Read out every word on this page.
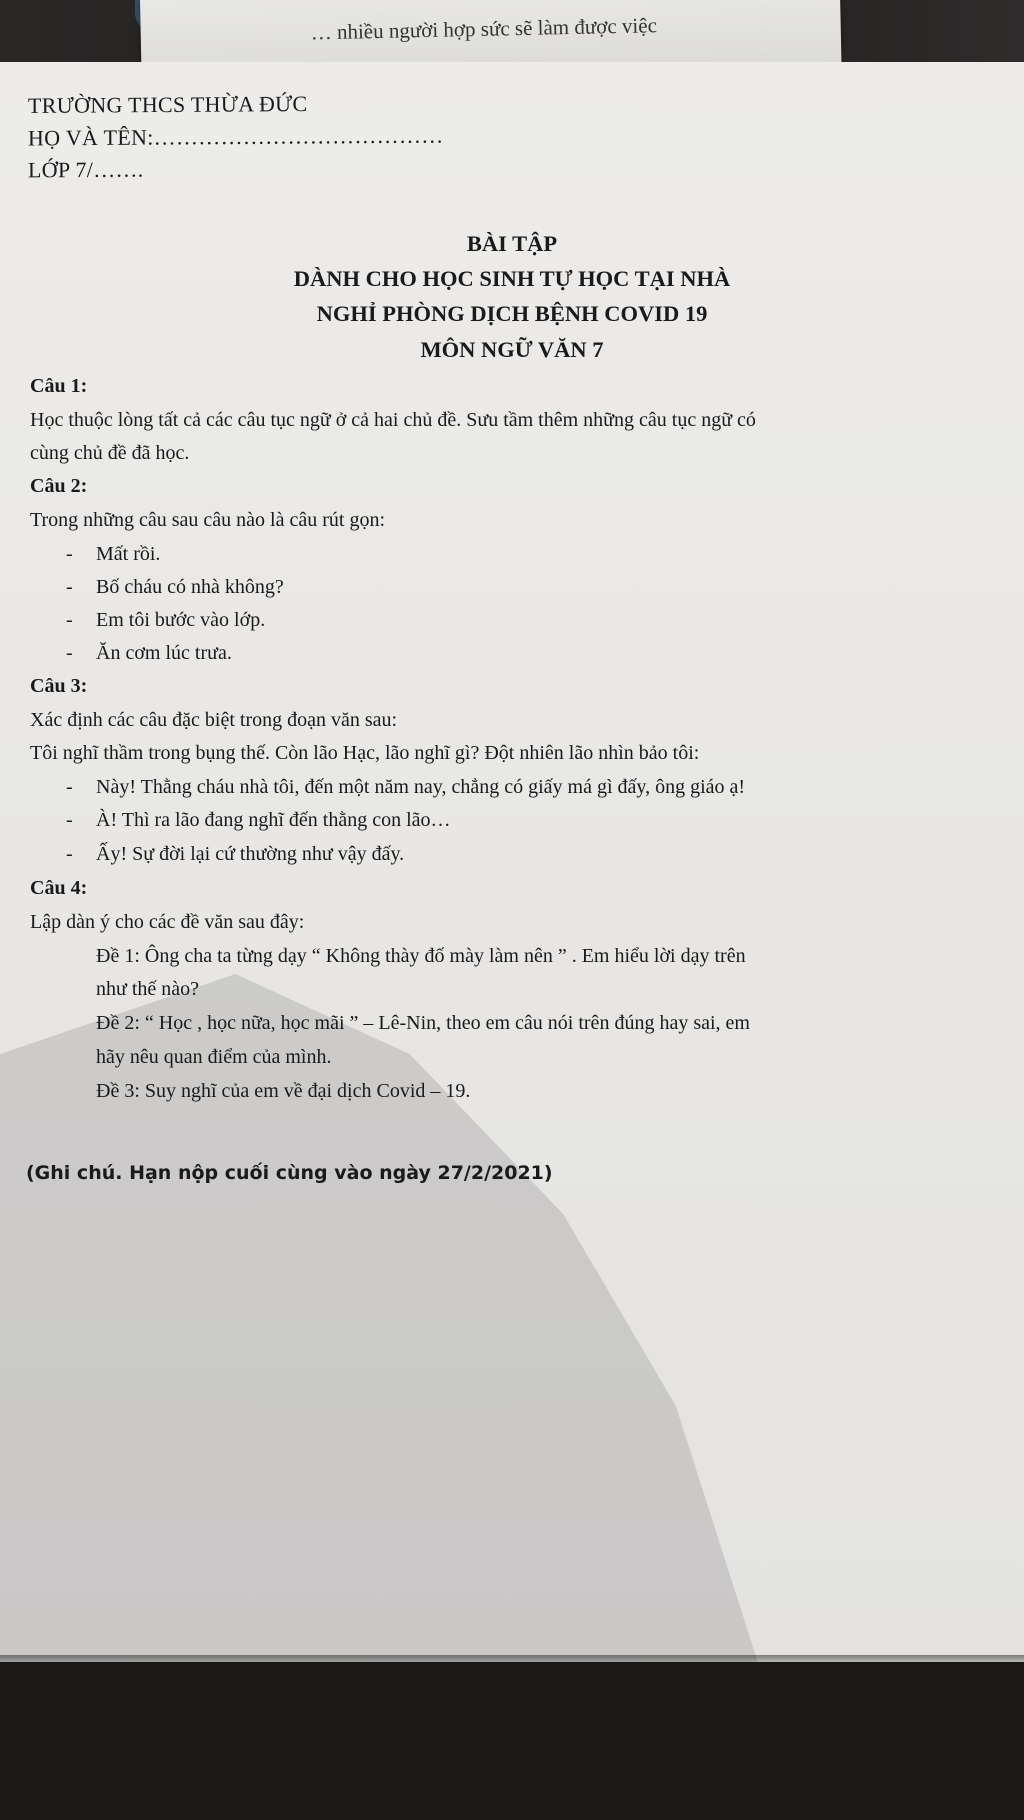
… nhiều người hợp sức sẽ làm được việc
TRƯỜNG THCS THỪA ĐỨC
HỌ VÀ TÊN:…………………………………
LỚP 7/…….
BÀI TẬP
DÀNH CHO HỌC SINH TỰ HỌC TẠI NHÀ
NGHỈ PHÒNG DỊCH BỆNH COVID 19
MÔN NGỮ VĂN 7
Câu 1:
Học thuộc lòng tất cả các câu tục ngữ ở cả hai chủ đề. Sưu tầm thêm những câu tục ngữ có
cùng chủ đề đã học.
Câu 2:
Trong những câu sau câu nào là câu rút gọn:
- Mất rồi.
- Bố cháu có nhà không?
- Em tôi bước vào lớp.
- Ăn cơm lúc trưa.
Câu 3:
Xác định các câu đặc biệt trong đoạn văn sau:
Tôi nghĩ thầm trong bụng thế. Còn lão Hạc, lão nghĩ gì? Đột nhiên lão nhìn bảo tôi:
- Này! Thằng cháu nhà tôi, đến một năm nay, chẳng có giấy má gì đấy, ông giáo ạ!
- À! Thì ra lão đang nghĩ đến thằng con lão…
- Ấy! Sự đời lại cứ thường như vậy đấy.
Câu 4:
Lập dàn ý cho các đề văn sau đây:
Đề 1: Ông cha ta từng dạy “ Không thày đố mày làm nên ” . Em hiểu lời dạy trên
như thế nào?
Đề 2: “ Học , học nữa, học mãi ” – Lê-Nin, theo em câu nói trên đúng hay sai, em
hãy nêu quan điểm của mình.
Đề 3: Suy nghĩ của em về đại dịch Covid – 19.
(Ghi chú. Hạn nộp cuối cùng vào ngày 27/2/2021)
